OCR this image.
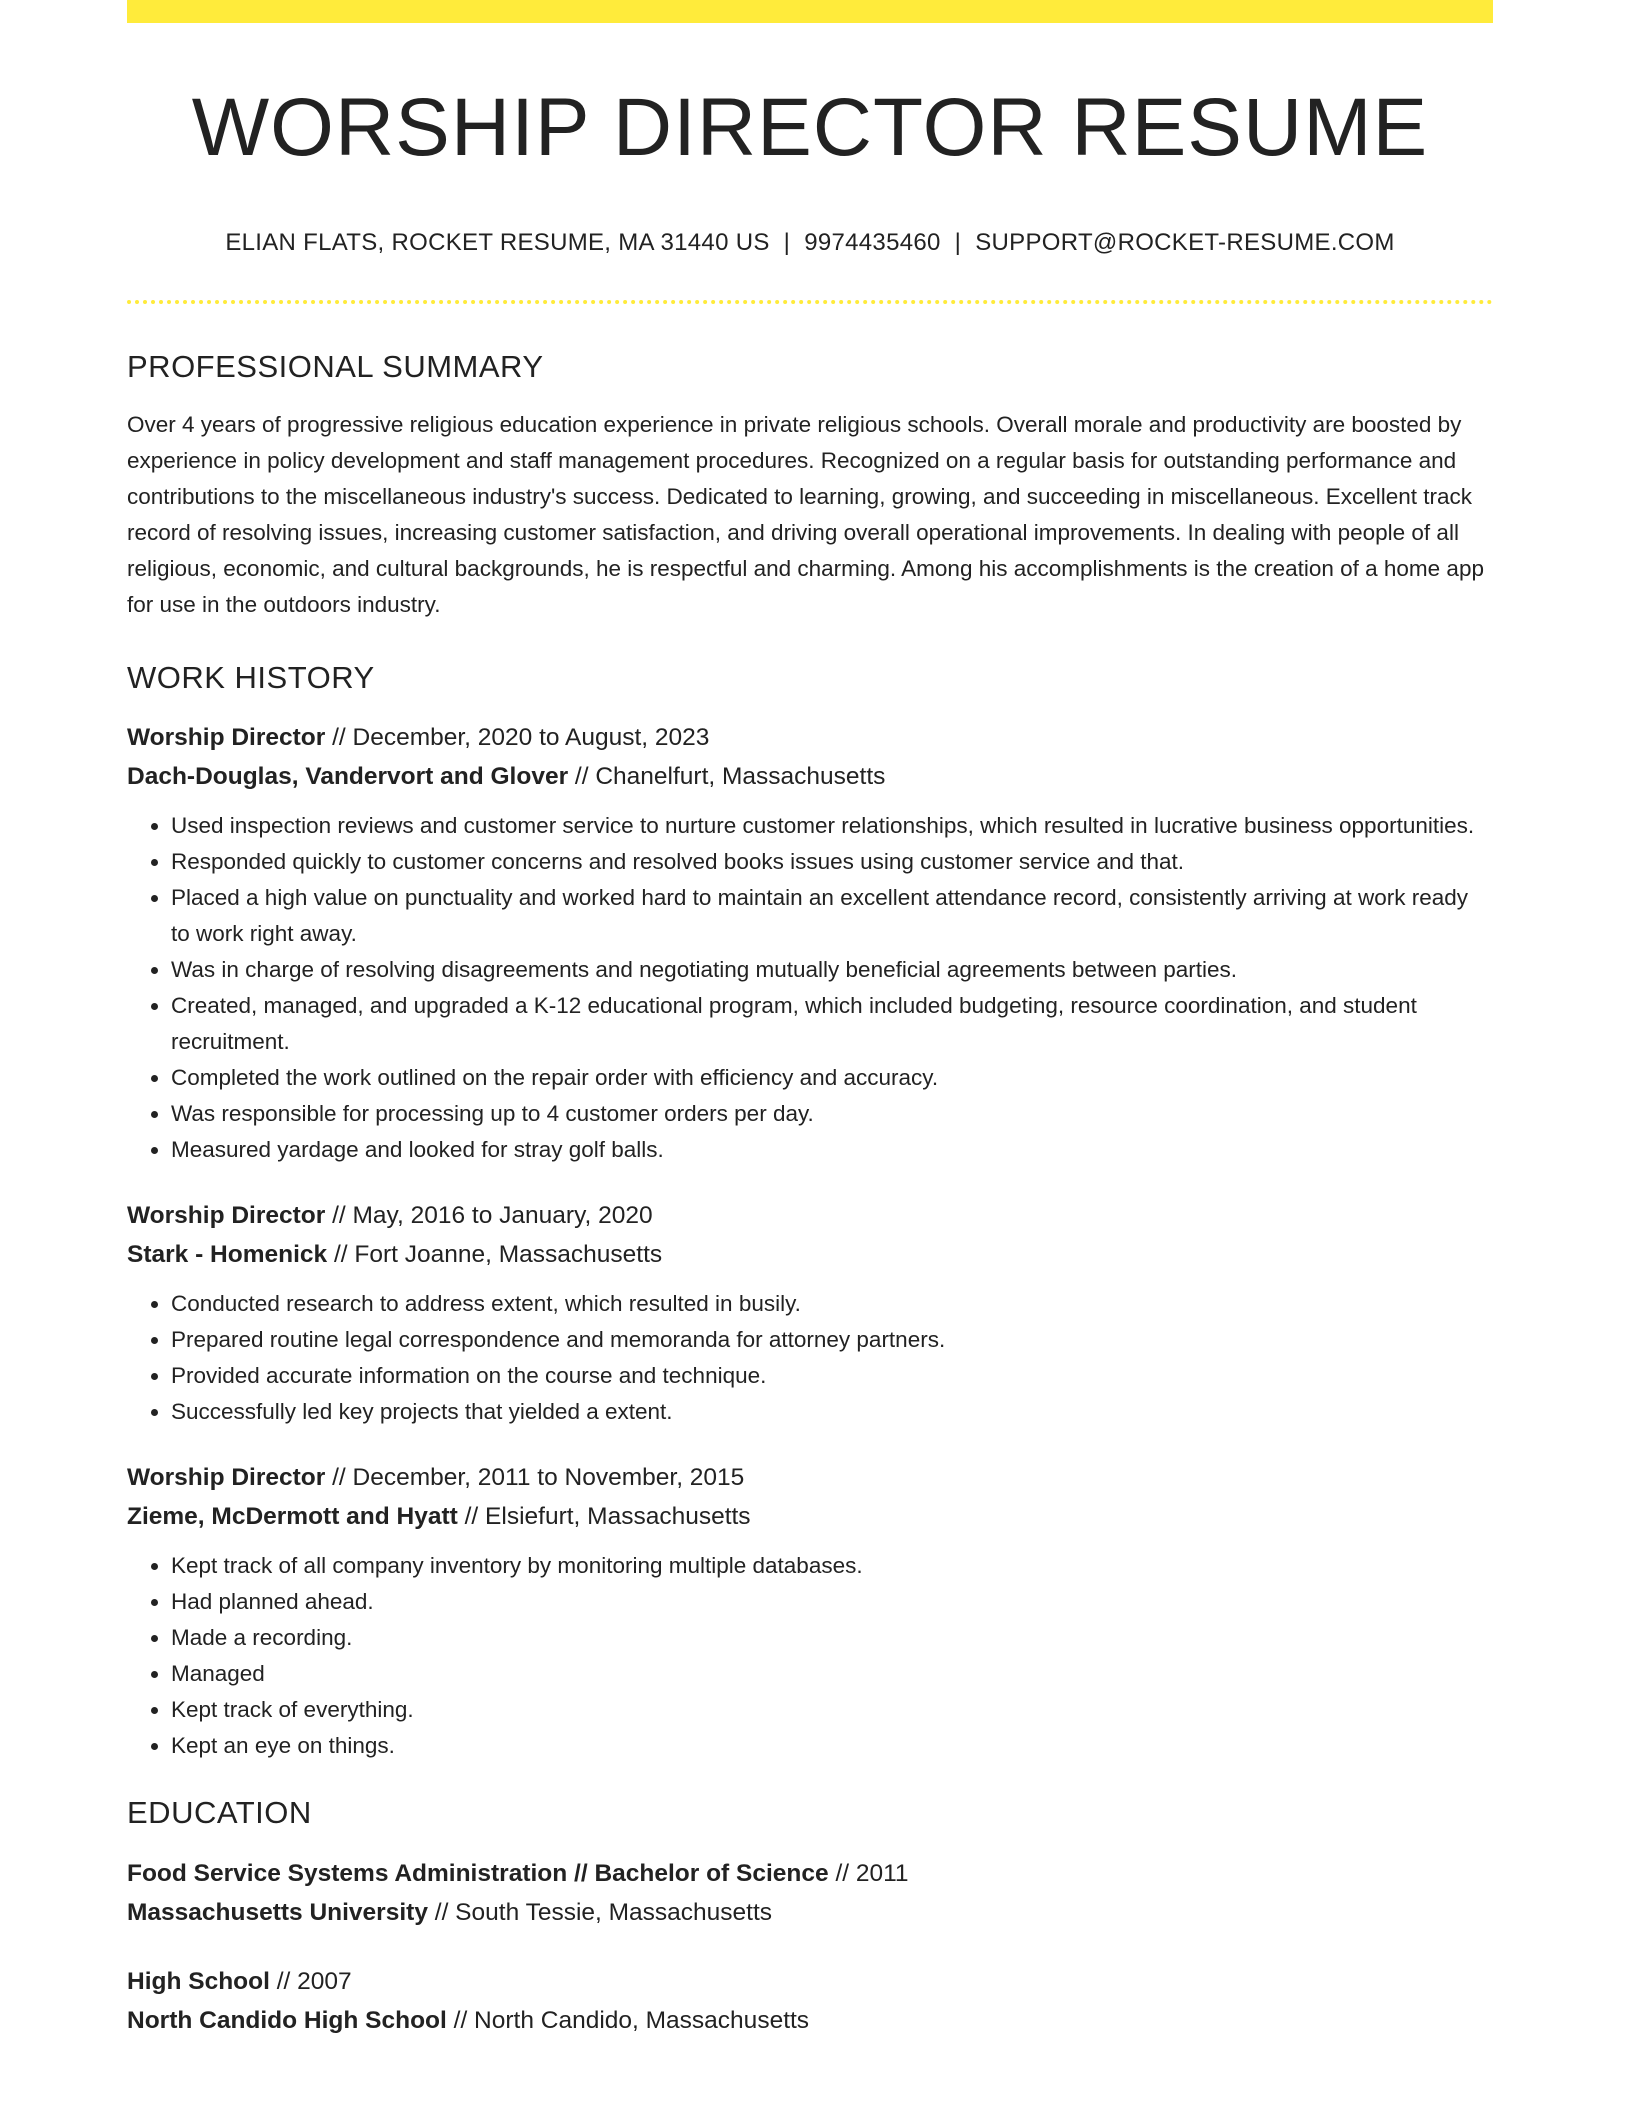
WORSHIP DIRECTOR RESUME
ELIAN FLATS, ROCKET RESUME, MA 31440 US | 9974435460 | SUPPORT@ROCKET-RESUME.COM
PROFESSIONAL SUMMARY

Over 4 years of progressive religious education experience in private religious schools. Overall morale and productivity are boosted by experience in policy development and staff management procedures. Recognized on a regular basis for outstanding performance and contributions to the miscellaneous industry's success. Dedicated to learning, growing, and succeeding in miscellaneous. Excellent track record of resolving issues, increasing customer satisfaction, and driving overall operational improvements. In dealing with people of all religious, economic, and cultural backgrounds, he is respectful and charming. Among his accomplishments is the creation of a home app for use in the outdoors industry.

WORK HISTORY
Worship Director // December, 2020 to August, 2023
Dach-Douglas, Vandervort and Glover // Chanelfurt, Massachusetts
• Used inspection reviews and customer service to nurture customer relationships, which resulted in lucrative business opportunities.
• Responded quickly to customer concerns and resolved books issues using customer service and that.
• Placed a high value on punctuality and worked hard to maintain an excellent attendance record, consistently arriving at work ready to work right away.
• Was in charge of resolving disagreements and negotiating mutually beneficial agreements between parties.
• Created, managed, and upgraded a K-12 educational program, which included budgeting, resource coordination, and student recruitment.
• Completed the work outlined on the repair order with efficiency and accuracy.
• Was responsible for processing up to 4 customer orders per day.
• Measured yardage and looked for stray golf balls.
Worship Director // May, 2016 to January, 2020
Stark - Homenick // Fort Joanne, Massachusetts
• Conducted research to address extent, which resulted in busily.
• Prepared routine legal correspondence and memoranda for attorney partners.
• Provided accurate information on the course and technique.
• Successfully led key projects that yielded a extent.
Worship Director // December, 2011 to November, 2015
Zieme, McDermott and Hyatt // Elsiefurt, Massachusetts
• Kept track of all company inventory by monitoring multiple databases.
• Had planned ahead.
• Made a recording.
• Managed
• Kept track of everything.
• Kept an eye on things.
EDUCATION
Food Service Systems Administration // Bachelor of Science // 2011
Massachusetts University // South Tessie, Massachusetts
High School // 2007
North Candido High School // North Candido, Massachusetts
